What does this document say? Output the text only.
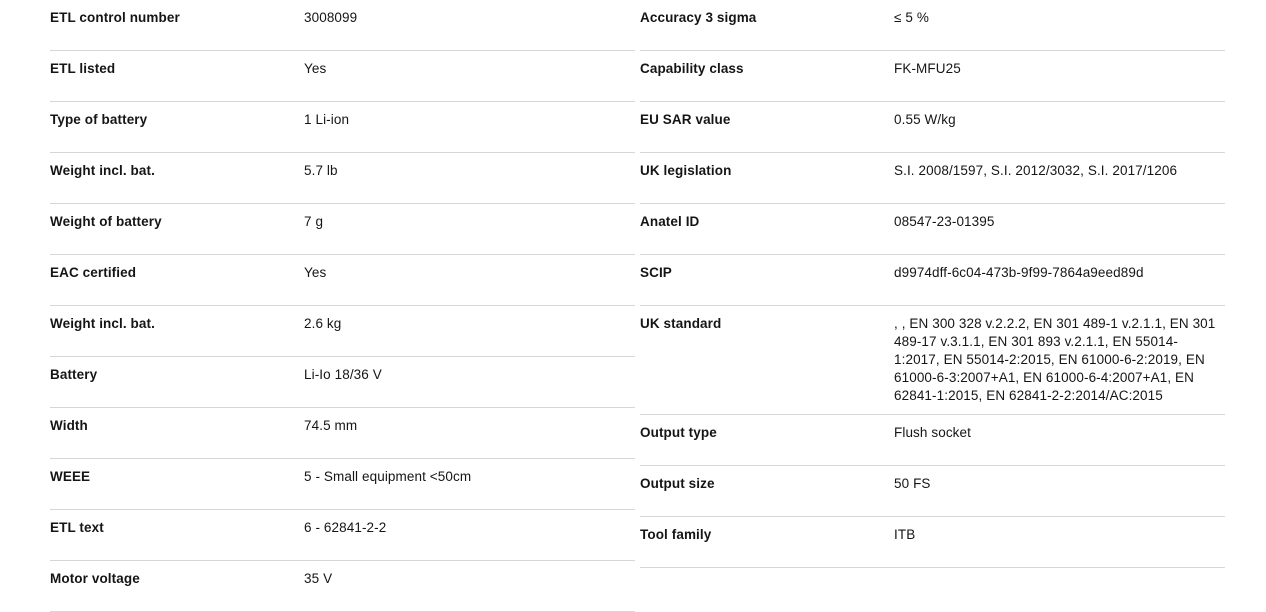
ETL control number	3008099
ETL listed	Yes
Type of battery	1 Li-ion
Weight incl. bat.	5.7 lb
Weight of battery	7 g
EAC certified	Yes
Weight incl. bat.	2.6 kg
Battery	Li-Io 18/36 V
Width	74.5 mm
WEEE	5 - Small equipment <50cm
ETL text	6 - 62841-2-2
Motor voltage	35 V
Accuracy 3 sigma	≤ 5 %
Capability class	FK-MFU25
EU SAR value	0.55 W/kg
UK legislation	S.I. 2008/1597, S.I. 2012/3032, S.I. 2017/1206
Anatel ID	08547-23-01395
SCIP	d9974dff-6c04-473b-9f99-7864a9eed89d
UK standard	, , EN 300 328 v.2.2.2, EN 301 489-1 v.2.1.1, EN 301 489-17 v.3.1.1, EN 301 893 v.2.1.1, EN 55014-1:2017, EN 55014-2:2015, EN 61000-6-2:2019, EN 61000-6-3:2007+A1, EN 61000-6-4:2007+A1, EN 62841-1:2015, EN 62841-2-2:2014/AC:2015
Output type	Flush socket
Output size	50 FS
Tool family	ITB
